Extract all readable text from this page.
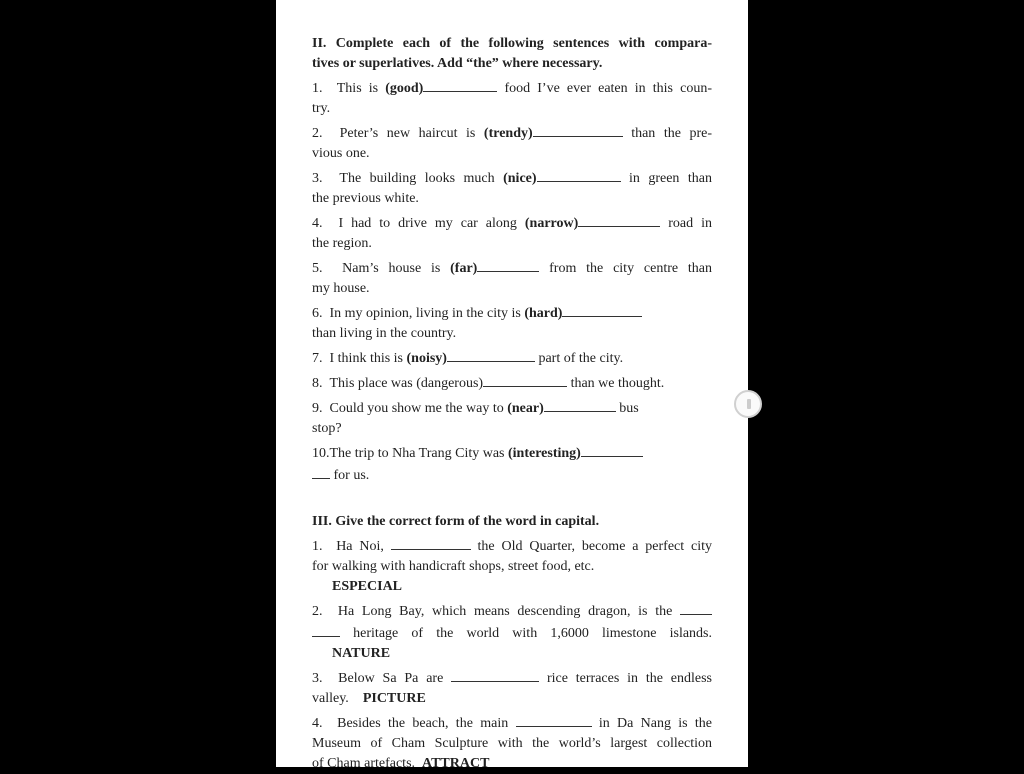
II. Complete each of the following sentences with compara-

tives or superlatives. Add “the” where necessary.

1. This is (good)	food I’ve ever eaten in this coun-
try.
2. Peter’s new haircut is (trendy)	than the pre-
vious one.
3. The building looks much (nice)	in green than
the previous white.
4. I had to drive my car along (narrow)	road in
the region.
5. Nam’s house is (far)	from the city centre than
my house.
6. In my opinion, living in the city is (hard)
than living in the country.
7. I think this is (noisy)	part of the city.
8. This place was (dangerous)	than we thought.
9. Could you show me the way to (near)	bus
stop?
10.The trip to Nha Trang City was (interesting)
for us.

III. Give the correct form of the word in capital.

1. Ha Noi,	the Old Quarter, become a perfect city
for walking with handicraft shops, street food, etc.
ESPECIAL
2. Ha Long Bay, which means descending dragon, is the
heritage of the world with 1,6000 limestone islands.
NATURE
3. Below Sa Pa are	rice terraces in the endless
valley. PICTURE
4. Besides the beach, the main	in Da Nang is the
Museum of Cham Sculpture with the world’s largest collection
of Cham artefacts. ATTRACT
